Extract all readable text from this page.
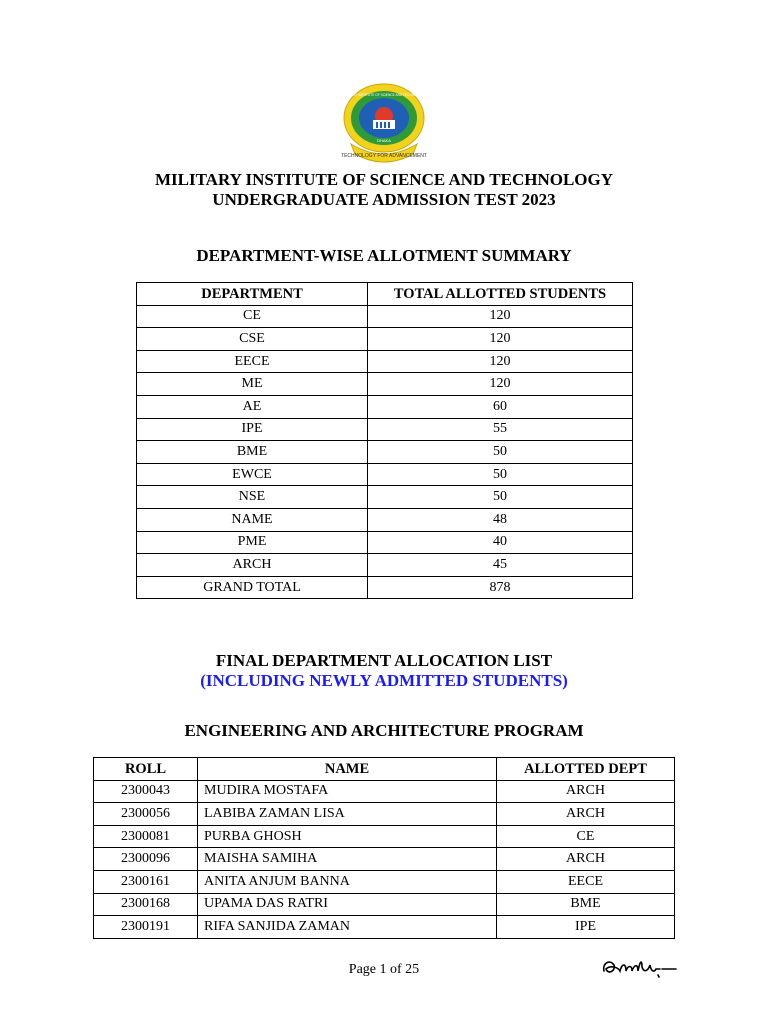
TECHNOLOGY FOR ADVANCEMENT
DHAKA
MILITARY INSTITUTE OF SCIENCE AND TECHNOLOGY
MILITARY INSTITUTE OF SCIENCE AND TECHNOLOGY
UNDERGRADUATE ADMISSION TEST 2023
DEPARTMENT-WISE ALLOTMENT SUMMARY
DEPARTMENT	TOTAL ALLOTTED STUDENTS
CE	120
CSE	120
EECE	120
ME	120
AE	60
IPE	55
BME	50
EWCE	50
NSE	50
NAME	48
PME	40
ARCH	45
GRAND TOTAL	878
FINAL DEPARTMENT ALLOCATION LIST
(INCLUDING NEWLY ADMITTED STUDENTS)
ENGINEERING AND ARCHITECTURE PROGRAM
ROLL	NAME	ALLOTTED DEPT
2300043	MUDIRA MOSTAFA	ARCH
2300056	LABIBA ZAMAN LISA	ARCH
2300081	PURBA GHOSH	CE
2300096	MAISHA SAMIHA	ARCH
2300161	ANITA ANJUM BANNA	EECE
2300168	UPAMA DAS RATRI	BME
2300191	RIFA SANJIDA ZAMAN	IPE
Page 1 of 25
